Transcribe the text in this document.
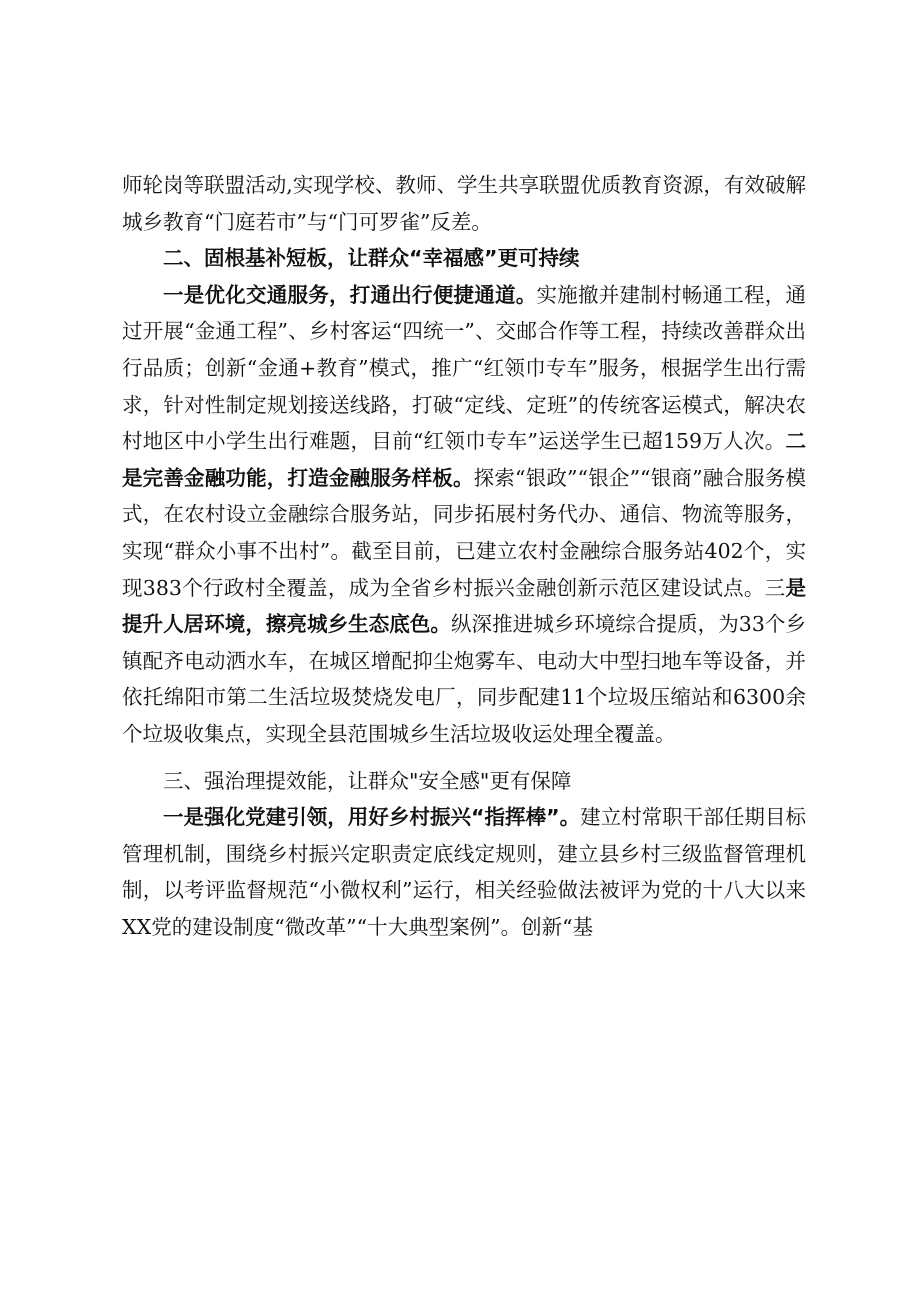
师轮岗等联盟活动,实现学校、教师、学生共享联盟优质教育资源，有效破解城乡教育“门庭若市”与“门可罗雀”反差。

二、固根基补短板，让群众“幸福感”更可持续

一是优化交通服务，打通出行便捷通道。实施撤并建制村畅通工程，通过开展“金通工程”、乡村客运“四统一”、交邮合作等工程，持续改善群众出行品质；创新“金通+教育”模式，推广“红领巾专车”服务，根据学生出行需求，针对性制定规划接送线路，打破“定线、定班”的传统客运模式，解决农村地区中小学生出行难题，目前“红领巾专车”运送学生已超159万人次。二是完善金融功能，打造金融服务样板。探索“银政”“银企”“银商”融合服务模式，在农村设立金融综合服务站，同步拓展村务代办、通信、物流等服务，实现“群众小事不出村”。截至目前，已建立农村金融综合服务站402个，实现383个行政村全覆盖，成为全省乡村振兴金融创新示范区建设试点。三是提升人居环境，擦亮城乡生态底色。纵深推进城乡环境综合提质，为33个乡镇配齐电动洒水车，在城区增配抑尘炮雾车、电动大中型扫地车等设备，并依托绵阳市第二生活垃圾焚烧发电厂，同步配建11个垃圾压缩站和6300余个垃圾收集点，实现全县范围城乡生活垃圾收运处理全覆盖。

三、强治理提效能，让群众"安全感"更有保障

一是强化党建引领，用好乡村振兴“指挥棒”。建立村常职干部任期目标管理机制，围绕乡村振兴定职责定底线定规则，建立县乡村三级监督管理机制，以考评监督规范“小微权利”运行，相关经验做法被评为党的十八大以来XX党的建设制度“微改革”“十大典型案例”。创新“基
